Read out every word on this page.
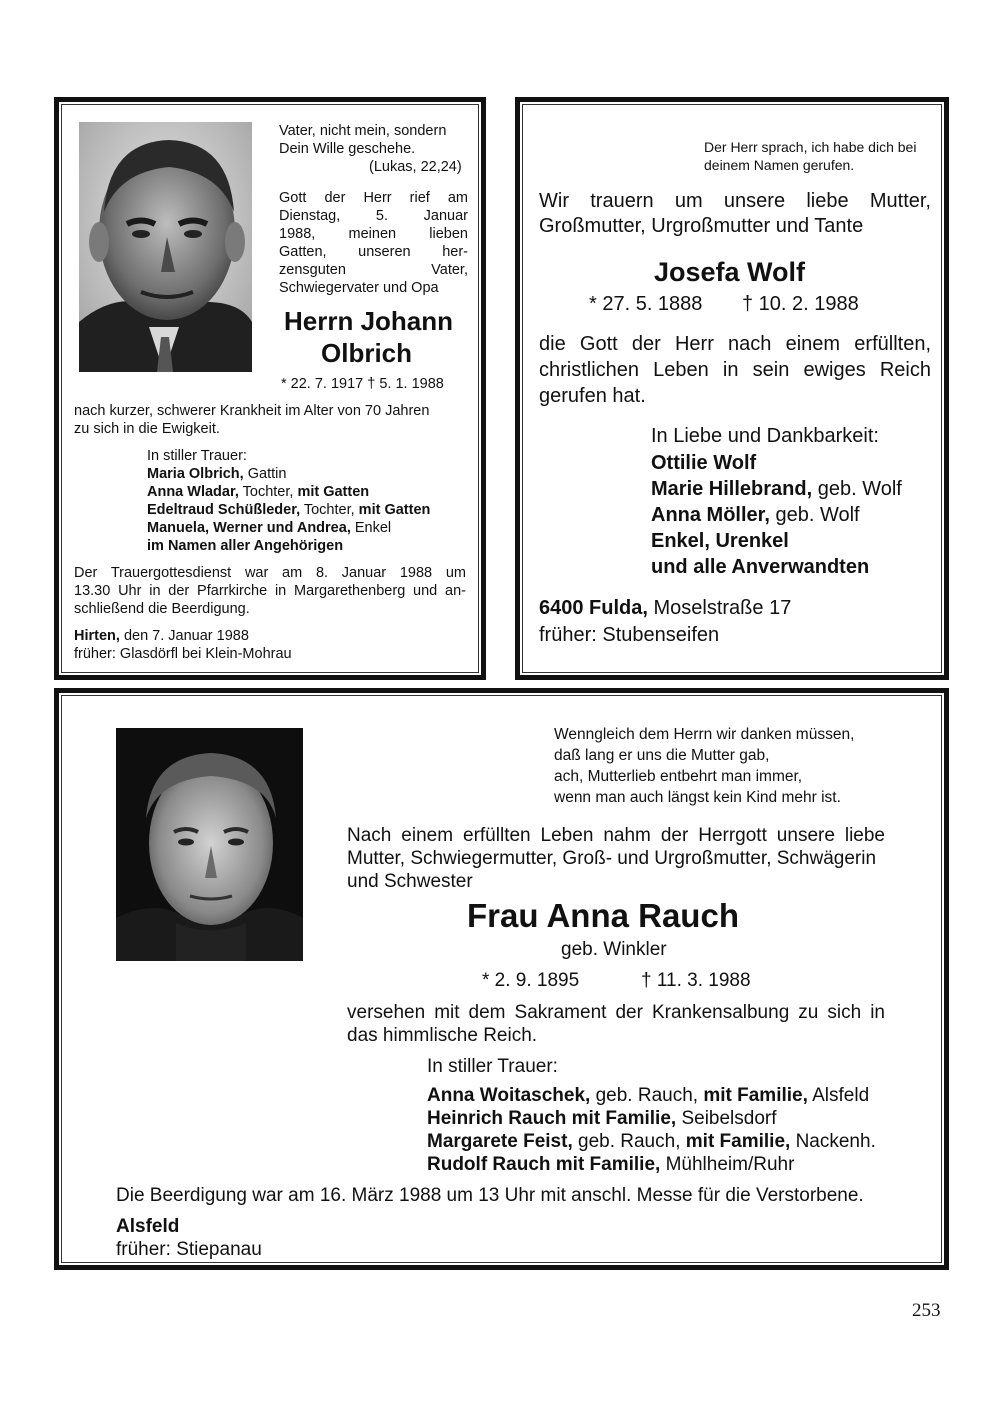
Vater, nicht mein, sondern
Dein Wille geschehe.
(Lukas, 22,24)
Gott der Herr rief am
Dienstag, 5. Januar
1988, meinen lieben
Gatten, unseren her-
zensguten Vater,
Schwiegervater und Opa
Herrn Johann
Olbrich
* 22. 7. 1917 † 5. 1. 1988
nach kurzer, schwerer Krankheit im Alter von 70 Jahren
zu sich in die Ewigkeit.
In stiller Trauer:
Maria Olbrich, Gattin
Anna Wladar, Tochter, mit Gatten
Edeltraud Schüßleder, Tochter, mit Gatten
Manuela, Werner und Andrea, Enkel
im Namen aller Angehörigen
Der Trauergottesdienst war am 8. Januar 1988 um
13.30 Uhr in der Pfarrkirche in Margarethenberg und an-
schließend die Beerdigung.
Hirten, den 7. Januar 1988
früher: Glasdörfl bei Klein-Mohrau
Der Herr sprach, ich habe dich bei
deinem Namen gerufen.
Wir trauern um unsere liebe Mutter,
Großmutter, Urgroßmutter und Tante
Josefa Wolf
* 27. 5. 1888 † 10. 2. 1988
die Gott der Herr nach einem erfüllten,
christlichen Leben in sein ewiges Reich
gerufen hat.
In Liebe und Dankbarkeit:
Ottilie Wolf
Marie Hillebrand, geb. Wolf
Anna Möller, geb. Wolf
Enkel, Urenkel
und alle Anverwandten
6400 Fulda, Moselstraße 17
früher: Stubenseifen
Wenngleich dem Herrn wir danken müssen,
daß lang er uns die Mutter gab,
ach, Mutterlieb entbehrt man immer,
wenn man auch längst kein Kind mehr ist.
Nach einem erfüllten Leben nahm der Herrgott unsere liebe
Mutter, Schwiegermutter, Groß- und Urgroßmutter, Schwägerin
und Schwester
Frau Anna Rauch
geb. Winkler
* 2. 9. 1895	† 11. 3. 1988
versehen mit dem Sakrament der Krankensalbung zu sich in
das himmlische Reich.
In stiller Trauer:
Anna Woitaschek, geb. Rauch, mit Familie, Alsfeld
Heinrich Rauch mit Familie, Seibelsdorf
Margarete Feist, geb. Rauch, mit Familie, Nackenh.
Rudolf Rauch mit Familie, Mühlheim/Ruhr
Die Beerdigung war am 16. März 1988 um 13 Uhr mit anschl. Messe für die Verstorbene.
Alsfeld
früher: Stiepanau
253
